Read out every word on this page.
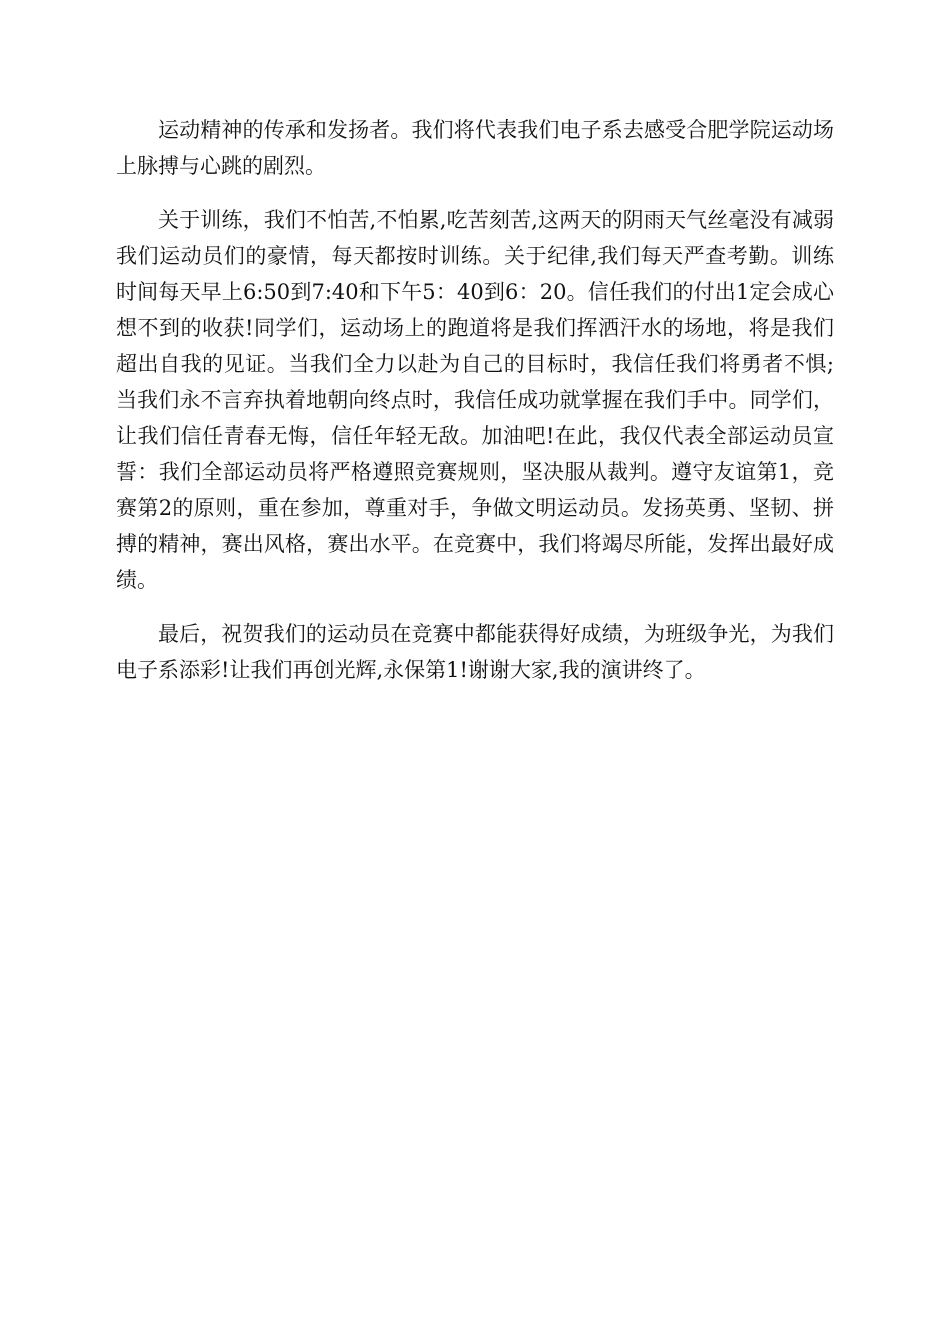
运动精神的传承和发扬者。我们将代表我们电子系去感受合肥学院运动场上脉搏与心跳的剧烈。

关于训练，我们不怕苦,不怕累,吃苦刻苦,这两天的阴雨天气丝毫没有减弱我们运动员们的豪情，每天都按时训练。关于纪律,我们每天严查考勤。训练时间每天早上6:50到7:40和下午5：40到6：20。信任我们的付出1定会成心想不到的收获!同学们，运动场上的跑道将是我们挥洒汗水的场地，将是我们超出自我的见证。当我们全力以赴为自己的目标时，我信任我们将勇者不惧;当我们永不言弃执着地朝向终点时，我信任成功就掌握在我们手中。同学们，让我们信任青春无悔，信任年轻无敌。加油吧!在此，我仅代表全部运动员宣誓：我们全部运动员将严格遵照竞赛规则，坚决服从裁判。遵守友谊第1，竞赛第2的原则，重在参加，尊重对手，争做文明运动员。发扬英勇、坚韧、拼搏的精神，赛出风格，赛出水平。在竞赛中，我们将竭尽所能，发挥出最好成绩。

最后，祝贺我们的运动员在竞赛中都能获得好成绩，为班级争光，为我们电子系添彩!让我们再创光辉,永保第1!谢谢大家,我的演讲终了。
